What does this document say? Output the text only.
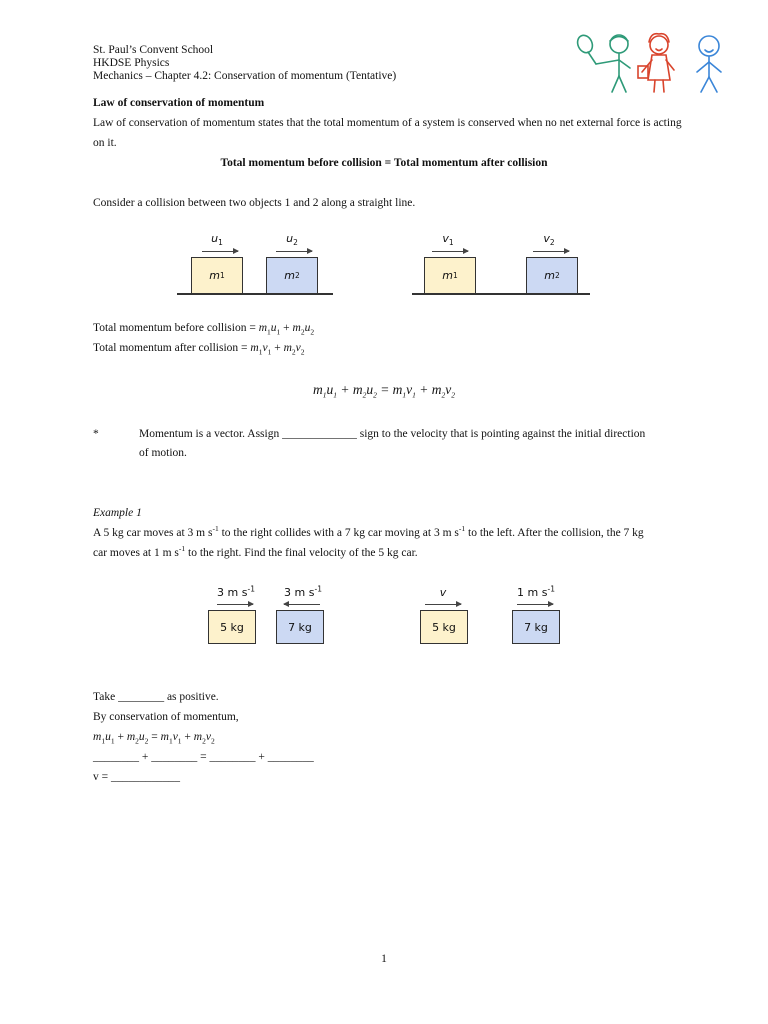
St. Paul’s Convent School
HKDSE Physics
Mechanics – Chapter 4.2: Conservation of momentum (Tentative)
Law of conservation of momentum
Law of conservation of momentum states that the total momentum of a system is conserved when no net external force is acting on it.
Total momentum before collision = Total momentum after collision
Consider a collision between two objects 1 and 2 along a straight line.
$u_1$	$u_2$
m 1	m 2
$v_1$	$v_2$
m 1	m 2
Total momentum before collision = $m_1u_1 + m_2u_2$
Total momentum after collision = $m_1v_1 + m_2v_2$
$m_1u_1 + m_2u_2 = m_1v_1 + m_2v_2$
*	Momentum is a vector. Assign _____________ sign to the velocity that is pointing against the initial direction
of motion.
Example 1
A 5 kg car moves at 3 m $s^{-1}$ to the right collides with a 7 kg car moving at 3 m $s^{-1}$ to the left. After the collision, the 7 kg
car moves at 1 m $s^{-1}$ to the right. Find the final velocity of the 5 kg car.
3 m $s^{-1}$	3 m $s^{-1}$
5 kg	7 kg
v	1 m $s^{-1}$
5 kg	7 kg
Take ________ as positive.
By conservation of momentum,
$m_1u_1 + m_2u_2 = m_1v_1 + m_2v_2$
________ + ________ = ________ + ________
v = ____________
1
